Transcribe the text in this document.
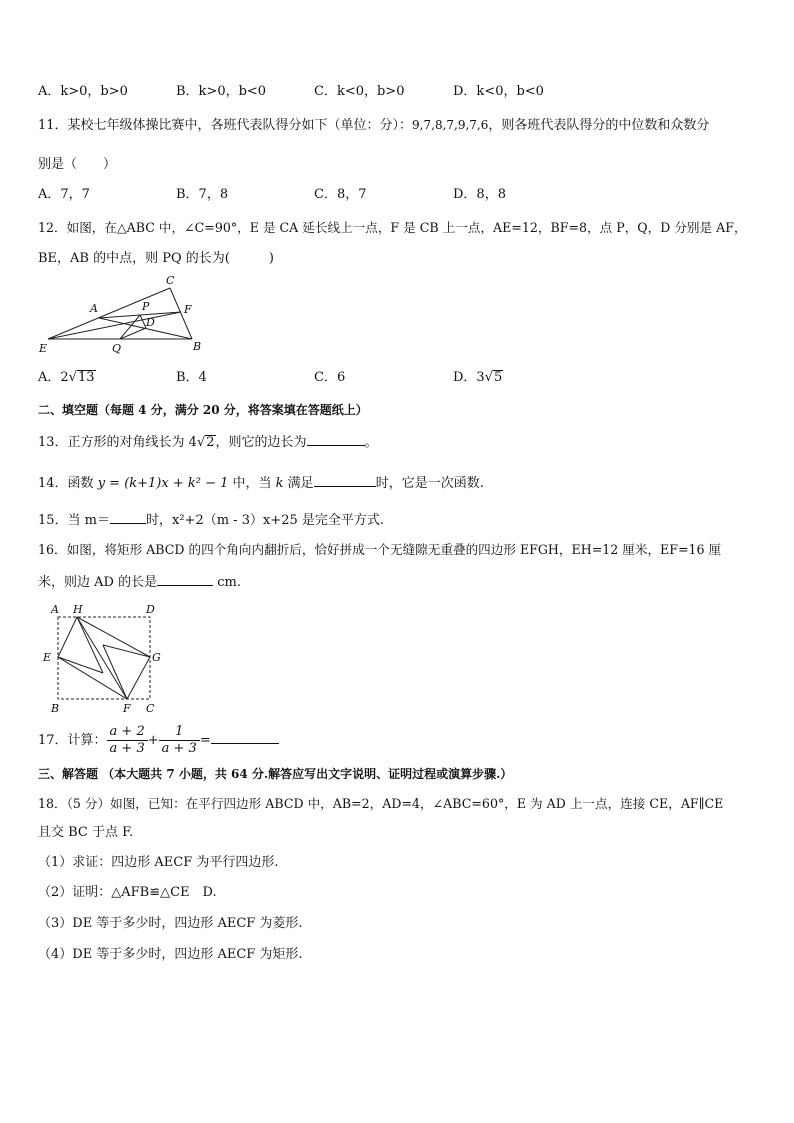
A．k>0，b>0	B．k>0，b<0	C．k<0，b>0	D．k<0，b<0
11．某校七年级体操比赛中，各班代表队得分如下（单位：分）：9,7,8,7,9,7,6，则各班代表队得分的中位数和众数分
别是（　　）
A．7，7	B．7，8	C．8，7	D．8，8
12．如图，在△ABC 中，∠C=90°，E 是 CA 延长线上一点，F 是 CB 上一点，AE=12，BF=8，点 P，Q，D 分别是 AF，
BE，AB 的中点，则 PQ 的长为(　　　)
C
A	P	F
D
E	Q	B
A．2√13	B．4	C．6	D．3√5
二、填空题（每题 4 分，满分 20 分，将答案填在答题纸上）
13．正方形的对角线长为 4√2，则它的边长为	。
14．函数 y = (k+1)x + k² − 1 中，当 k 满足	时，它是一次函数.
15．当 m＝	时，x²+2（m - 3）x+25 是完全平方式.
16．如图，将矩形 ABCD 的四个角向内翻折后，恰好拼成一个无缝隙无重叠的四边形 EFGH，EH=12 厘米，EF=16 厘
米，则边 AD 的长是	cm.
A H	D
E	G
B	F C
17．计算： $\frac{a + 2}{a + 3} + \frac{1}{a + 3}$ =
三、解答题 （本大题共 7 小题，共 64 分.解答应写出文字说明、证明过程或演算步骤.）
18．（5 分）如图，已知：在平行四边形 ABCD 中，AB=2，AD=4，∠ABC=60°，E 为 AD 上一点，连接 CE，AF∥CE
且交 BC 于点 F.
（1）求证：四边形 AECF 为平行四边形.
（2）证明：△AFB≌△CE　D.
（3）DE 等于多少时，四边形 AECF 为菱形.
（4）DE 等于多少时，四边形 AECF 为矩形.
